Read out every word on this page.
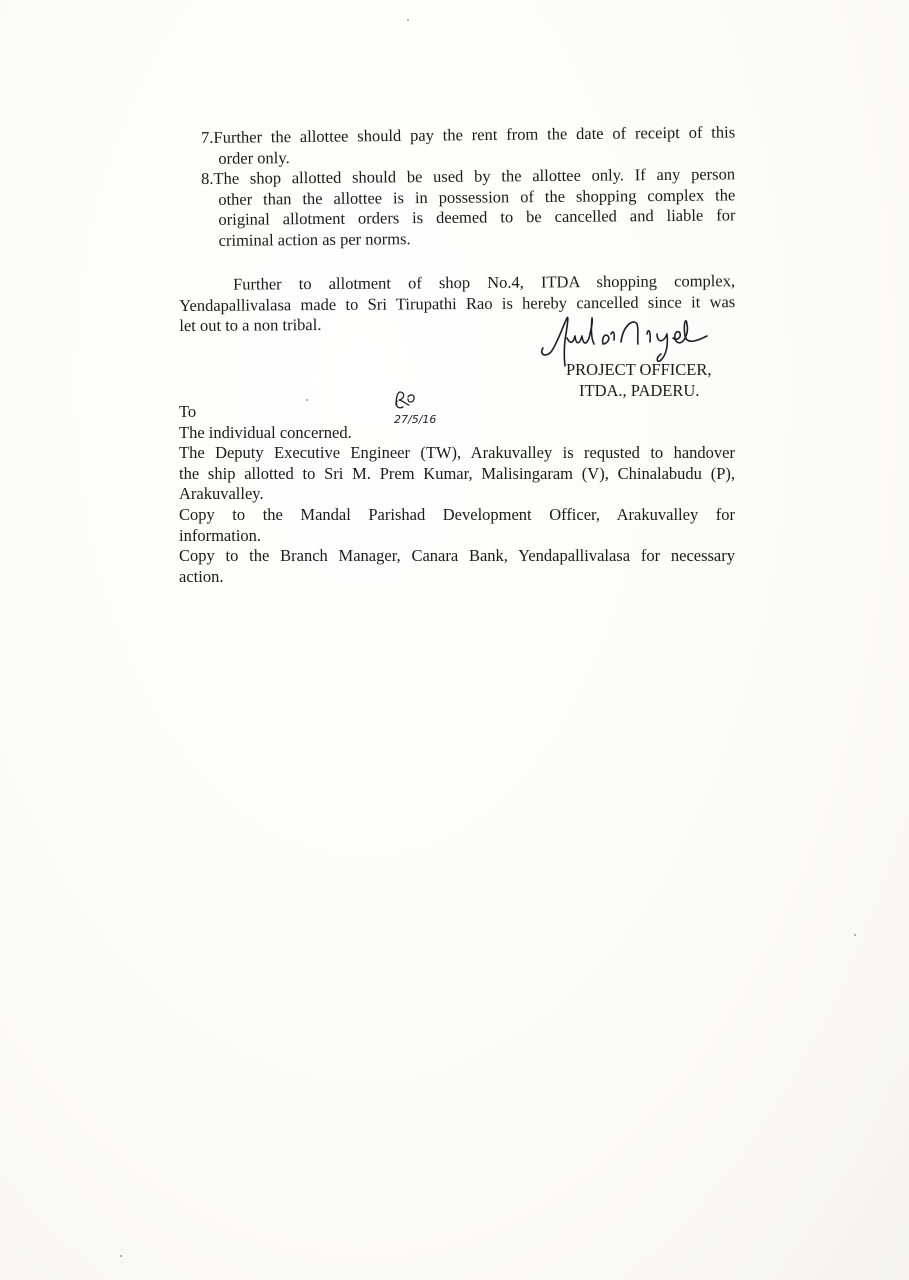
7.Further the allottee should pay the rent from the date of receipt of this
order only.
8.The shop allotted should be used by the allottee only. If any person
other than the allottee is in possession of the shopping complex the
original allotment orders is deemed to be cancelled and liable for
criminal action as per norms.
Further to allotment of shop No.4, ITDA shopping complex,
Yendapallivalasa made to Sri Tirupathi Rao is hereby cancelled since it was
let out to a non tribal.
PROJECT OFFICER,
ITDA., PADERU.
27/5/16
To
The individual concerned.
The Deputy Executive Engineer (TW), Arakuvalley is requsted to handover
the ship allotted to Sri M. Prem Kumar, Malisingaram (V), Chinalabudu (P),
Arakuvalley.
Copy to the Mandal Parishad Development Officer, Arakuvalley for
information.
Copy to the Branch Manager, Canara Bank, Yendapallivalasa for necessary
action.
